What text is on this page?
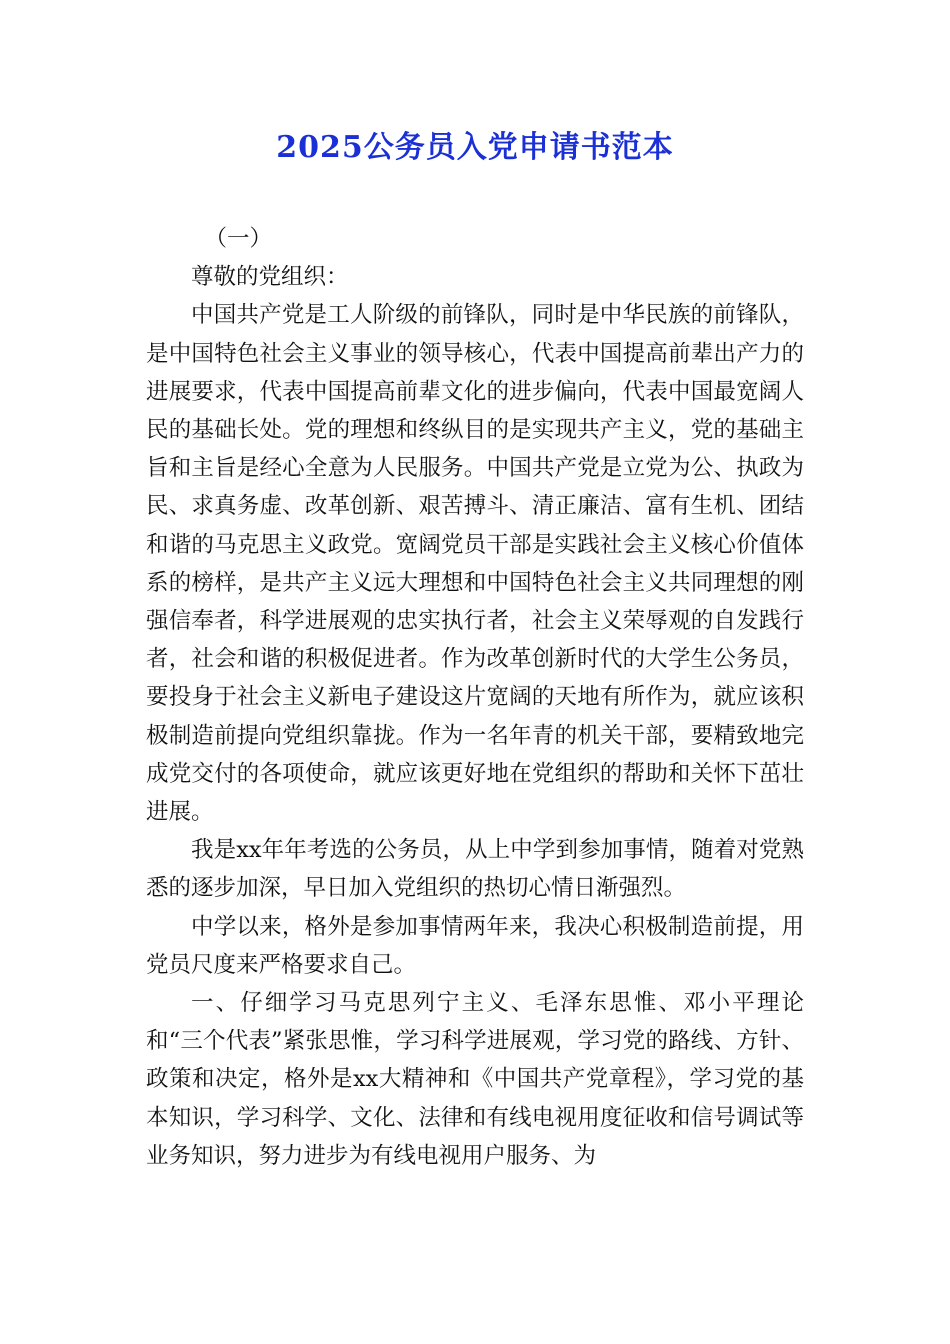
2025公务员入党申请书范本

（一）

尊敬的党组织：

中国共产党是工人阶级的前锋队，同时是中华民族的前锋队，是中国特色社会主义事业的领导核心，代表中国提高前辈出产力的进展要求，代表中国提高前辈文化的进步偏向，代表中国最宽阔人民的基础长处。党的理想和终纵目的是实现共产主义，党的基础主旨和主旨是经心全意为人民服务。中国共产党是立党为公、执政为民、求真务虚、改革创新、艰苦搏斗、清正廉洁、富有生机、团结和谐的马克思主义政党。宽阔党员干部是实践社会主义核心价值体系的榜样，是共产主义远大理想和中国特色社会主义共同理想的刚强信奉者，科学进展观的忠实执行者，社会主义荣辱观的自发践行者，社会和谐的积极促进者。作为改革创新时代的大学生公务员，要投身于社会主义新电子建设这片宽阔的天地有所作为，就应该积极制造前提向党组织靠拢。作为一名年青的机关干部，要精致地完成党交付的各项使命，就应该更好地在党组织的帮助和关怀下茁壮进展。

我是xx年年考选的公务员，从上中学到参加事情，随着对党熟悉的逐步加深，早日加入党组织的热切心情日渐强烈。

中学以来，格外是参加事情两年来，我决心积极制造前提，用党员尺度来严格要求自己。

一、仔细学习马克思列宁主义、毛泽东思惟、邓小平理论和“三个代表”紧张思惟，学习科学进展观，学习党的路线、方针、政策和决定，格外是xx大精神和《中国共产党章程》，学习党的基本知识，学习科学、文化、法律和有线电视用度征收和信号调试等业务知识，努力进步为有线电视用户服务、为
